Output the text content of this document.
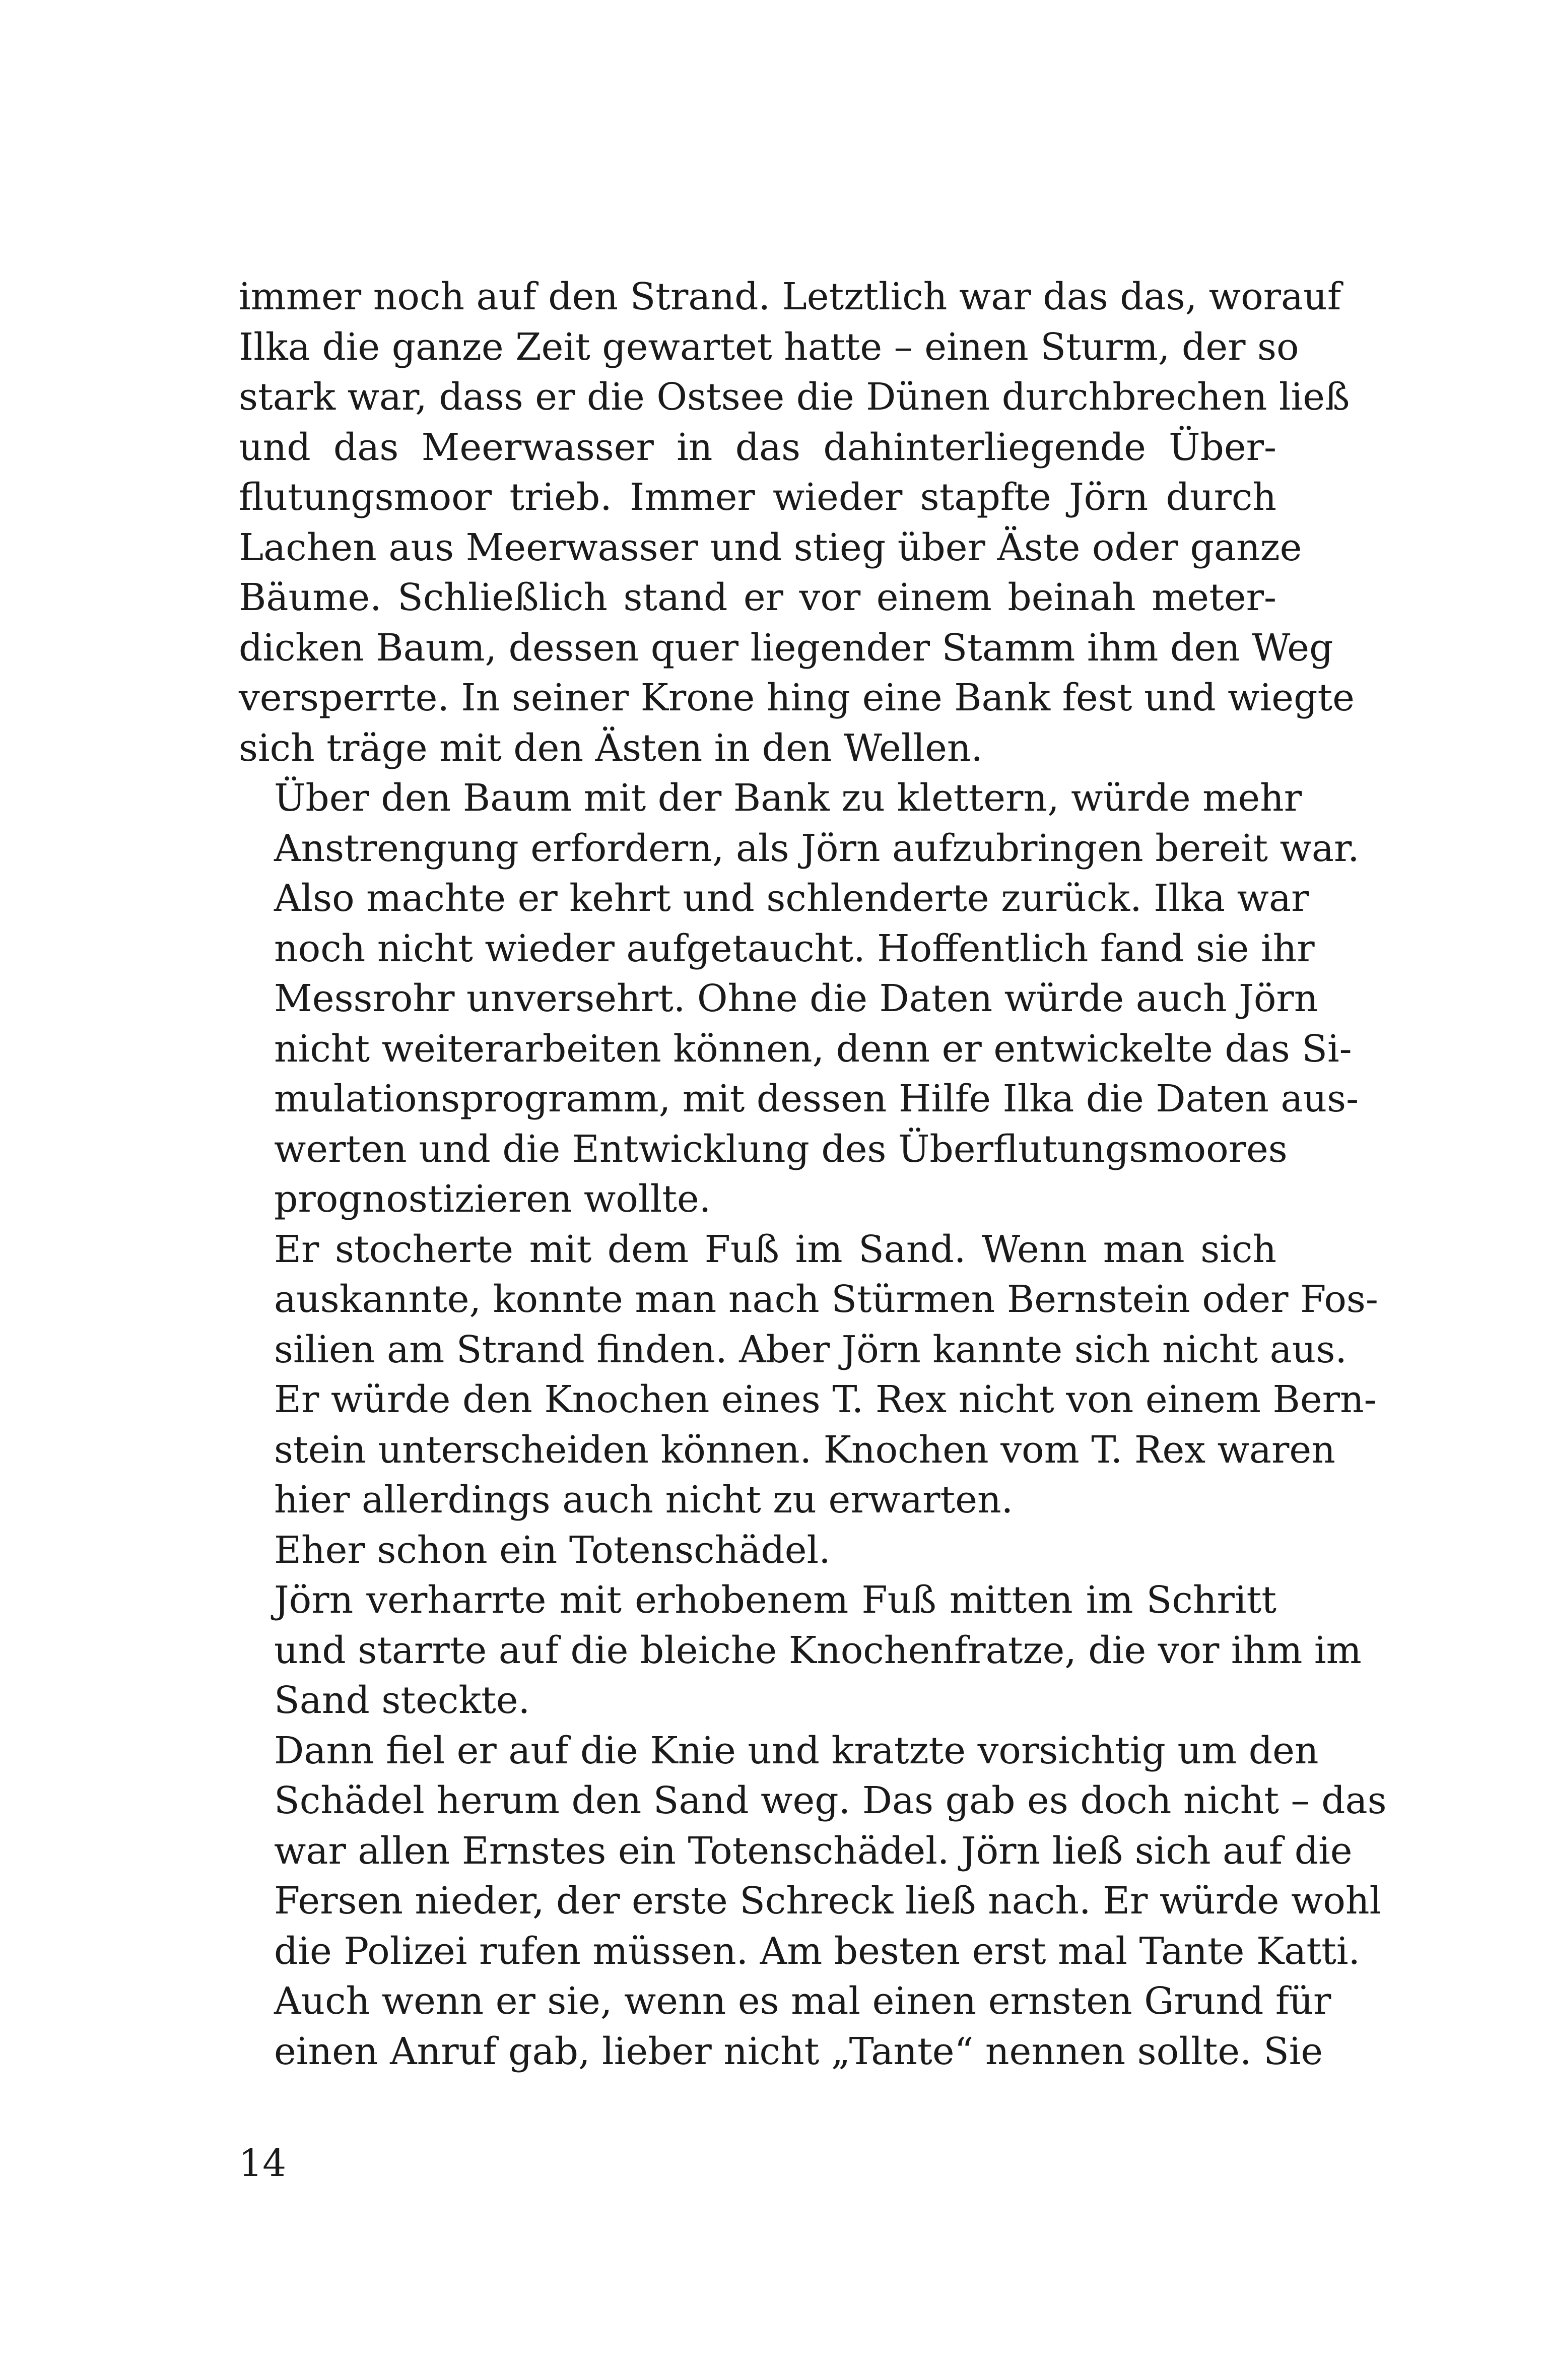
immer noch auf den Strand. Letztlich war das das, worauf
Ilka die ganze Zeit gewartet hatte – einen Sturm, der so
stark war, dass er die Ostsee die Dünen durchbrechen ließ
und das Meerwasser in das dahinterliegende Über-
flutungsmoor trieb. Immer wieder stapfte Jörn durch
Lachen aus Meerwasser und stieg über Äste oder ganze
Bäume. Schließlich stand er vor einem beinah meter-
dicken Baum, dessen quer liegender Stamm ihm den Weg
versperrte. In seiner Krone hing eine Bank fest und wiegte
sich träge mit den Ästen in den Wellen.

Über den Baum mit der Bank zu klettern, würde mehr
Anstrengung erfordern, als Jörn aufzubringen bereit war.
Also machte er kehrt und schlenderte zurück. Ilka war
noch nicht wieder aufgetaucht. Hoffentlich fand sie ihr
Messrohr unversehrt. Ohne die Daten würde auch Jörn
nicht weiterarbeiten können, denn er entwickelte das Si-
mulationsprogramm, mit dessen Hilfe Ilka die Daten aus-
werten und die Entwicklung des Überflutungsmoores
prognostizieren wollte.

Er stocherte mit dem Fuß im Sand. Wenn man sich
auskannte, konnte man nach Stürmen Bernstein oder Fos-
silien am Strand finden. Aber Jörn kannte sich nicht aus.
Er würde den Knochen eines T. Rex nicht von einem Bern-
stein unterscheiden können. Knochen vom T. Rex waren
hier allerdings auch nicht zu erwarten.

Eher schon ein Totenschädel.

Jörn verharrte mit erhobenem Fuß mitten im Schritt
und starrte auf die bleiche Knochenfratze, die vor ihm im
Sand steckte.

Dann fiel er auf die Knie und kratzte vorsichtig um den
Schädel herum den Sand weg. Das gab es doch nicht – das
war allen Ernstes ein Totenschädel. Jörn ließ sich auf die
Fersen nieder, der erste Schreck ließ nach. Er würde wohl
die Polizei rufen müssen. Am besten erst mal Tante Katti.
Auch wenn er sie, wenn es mal einen ernsten Grund für
einen Anruf gab, lieber nicht „Tante“ nennen sollte. Sie

14
